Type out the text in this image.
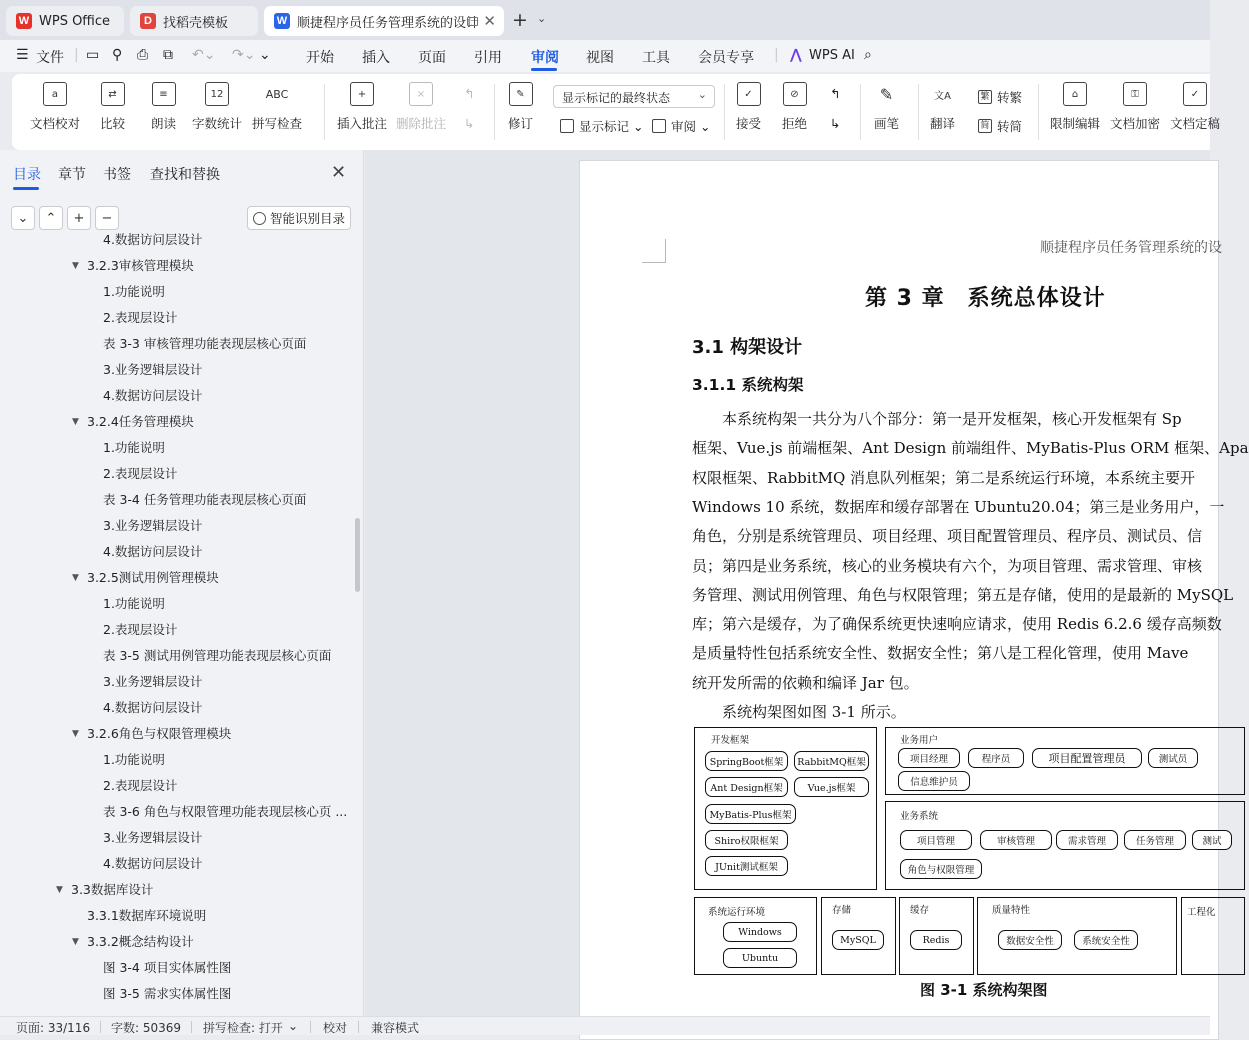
W WPS Office	D 找稻壳模板	W 顺捷程序员任务管理系统的设计 ✕ + ⌄
☰ 文件 | ▭ ⚲ ⎙ ⧉ ↶⌄ ↷⌄ ⌄	开始 插入 页面 引用 审阅 视图 工具 会员专享 | ⋀ WPS AI ⌕
a
文档校对
⇄
比较
≡
朗读
12
字数统计
ABC
拼写检查
+
插入批注
×
删除批注
↰
↳
✎
修订
显示标记的最终状态	⌄
显示标记 ⌄ 审阅 ⌄
✓
接受
⊘
拒绝
↰
↳
✎
画笔
文A
翻译
繁 转繁
简 转简
⌂
限制编辑
⚿
文档加密
✓
文档定稿
目录 章节 书签 查找和替换	✕
⌄	⌃	+	−	智能识别目录
4.数据访问层设计
▼ 3.2.3审核管理模块
1.功能说明
2.表现层设计
表 3-3 审核管理功能表现层核心页面
3.业务逻辑层设计
4.数据访问层设计
▼ 3.2.4任务管理模块
1.功能说明
2.表现层设计
表 3-4 任务管理功能表现层核心页面
3.业务逻辑层设计
4.数据访问层设计
▼ 3.2.5测试用例管理模块
1.功能说明
2.表现层设计
表 3-5 测试用例管理功能表现层核心页面
3.业务逻辑层设计
4.数据访问层设计
▼ 3.2.6角色与权限管理模块
1.功能说明
2.表现层设计
表 3-6 角色与权限管理功能表现层核心页 ...
3.业务逻辑层设计
4.数据访问层设计
▼ 3.3数据库设计
3.3.1数据库环境说明
▼ 3.3.2概念结构设计
图 3-4 项目实体属性图
图 3-5 需求实体属性图
顺捷程序员任务管理系统的设
第 3 章　系统总体设计
3.1 构架设计
3.1.1 系统构架
　　本系统构架一共分为八个部分：第一是开发框架，核心开发框架有 Sp
框架、Vue.js 前端框架、Ant Design 前端组件、MyBatis-Plus ORM 框架、Apa
权限框架、RabbitMQ 消息队列框架；第二是系统运行环境，本系统主要开
Windows 10 系统，数据库和缓存部署在 Ubuntu20.04；第三是业务用户，一
角色，分别是系统管理员、项目经理、项目配置管理员、程序员、测试员、信
员；第四是业务系统，核心的业务模块有六个，为项目管理、需求管理、审核
务管理、测试用例管理、角色与权限管理；第五是存储，使用的是最新的 MySQL
库；第六是缓存，为了确保系统更快速响应请求，使用 Redis 6.2.6 缓存高频数
是质量特性包括系统安全性、数据安全性；第八是工程化管理，使用 Mave
统开发所需的依赖和编译 Jar 包。
　　系统构架图如图 3-1 所示。
开发框架
SpringBoot框架	RabbitMQ框架
Ant Design框架	Vue.js框架
MyBatis-Plus框架
Shiro权限框架
JUnit测试框架
业务用户
项目经理	程序员	项目配置管理员	测试员
信息维护员
业务系统
项目管理	审核管理	需求管理	任务管理	测试
角色与权限管理
系统运行环境
Windows
Ubuntu
存储
MySQL
缓存
Redis
质量特性
数据安全性	系统安全性
工程化
图 3-1 系统构架图
页面: 33/116 字数: 50369 拼写检查: 打开 ⌄ 校对 兼容模式
